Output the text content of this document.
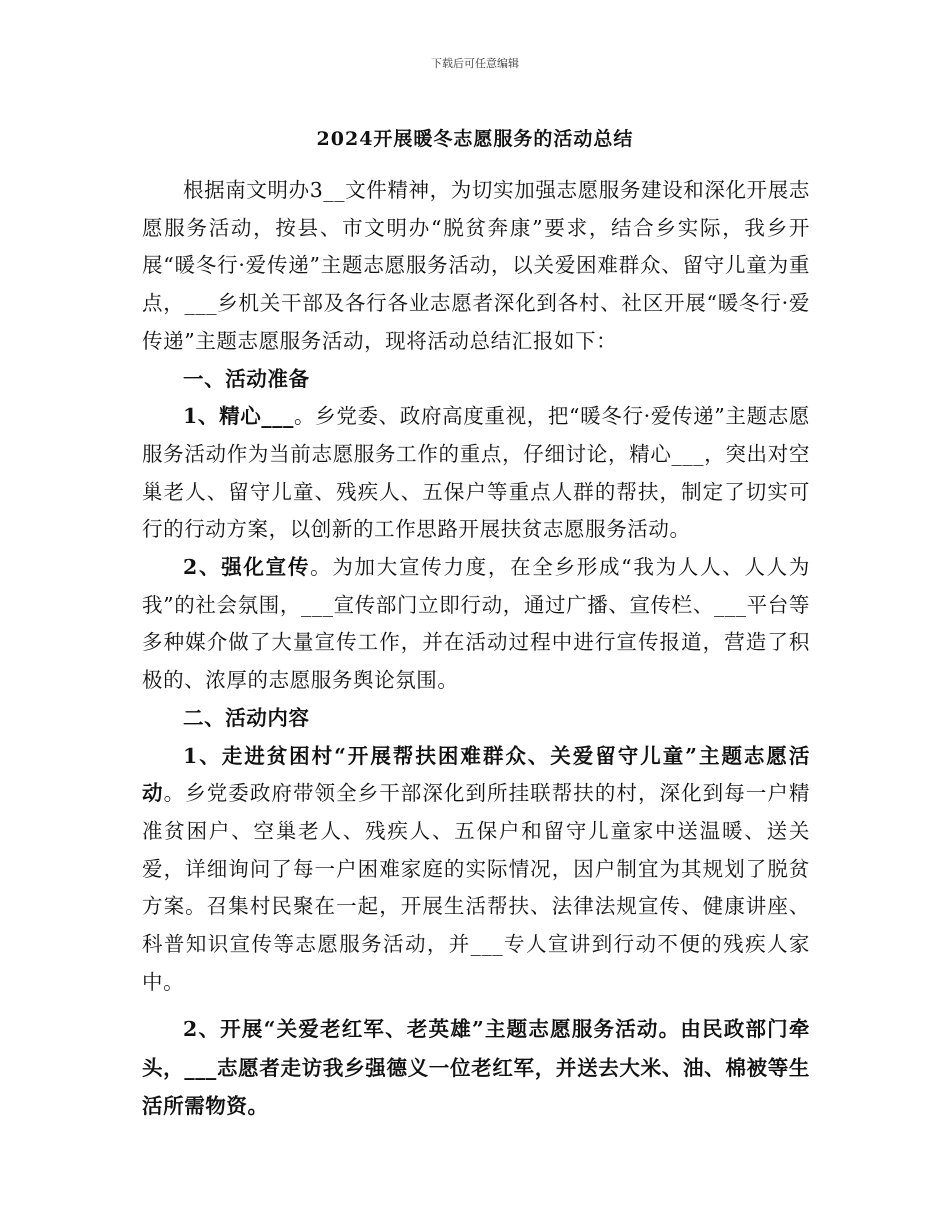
下载后可任意编辑
2024开展暖冬志愿服务的活动总结

根据南文明办3__文件精神，为切实加强志愿服务建设和深化开展志愿服务活动，按县、市文明办“脱贫奔康”要求，结合乡实际，我乡开展“暖冬行·爱传递”主题志愿服务活动，以关爱困难群众、留守儿童为重点，___乡机关干部及各行各业志愿者深化到各村、社区开展“暖冬行·爱传递”主题志愿服务活动，现将活动总结汇报如下：

一、活动准备

1、精心___。乡党委、政府高度重视，把“暖冬行·爱传递”主题志愿服务活动作为当前志愿服务工作的重点，仔细讨论，精心___，突出对空巢老人、留守儿童、残疾人、五保户等重点人群的帮扶，制定了切实可行的行动方案，以创新的工作思路开展扶贫志愿服务活动。

2、强化宣传。为加大宣传力度，在全乡形成“我为人人、人人为我”的社会氛围，___宣传部门立即行动，通过广播、宣传栏、___平台等多种媒介做了大量宣传工作，并在活动过程中进行宣传报道，营造了积极的、浓厚的志愿服务舆论氛围。

二、活动内容

1、走进贫困村“开展帮扶困难群众、关爱留守儿童”主题志愿活动。乡党委政府带领全乡干部深化到所挂联帮扶的村，深化到每一户精准贫困户、空巢老人、残疾人、五保户和留守儿童家中送温暖、送关爱，详细询问了每一户困难家庭的实际情况，因户制宜为其规划了脱贫方案。召集村民聚在一起，开展生活帮扶、法律法规宣传、健康讲座、科普知识宣传等志愿服务活动，并___专人宣讲到行动不便的残疾人家中。

2、开展“关爱老红军、老英雄”主题志愿服务活动。由民政部门牵头，___志愿者走访我乡强德义一位老红军，并送去大米、油、棉被等生活所需物资。
